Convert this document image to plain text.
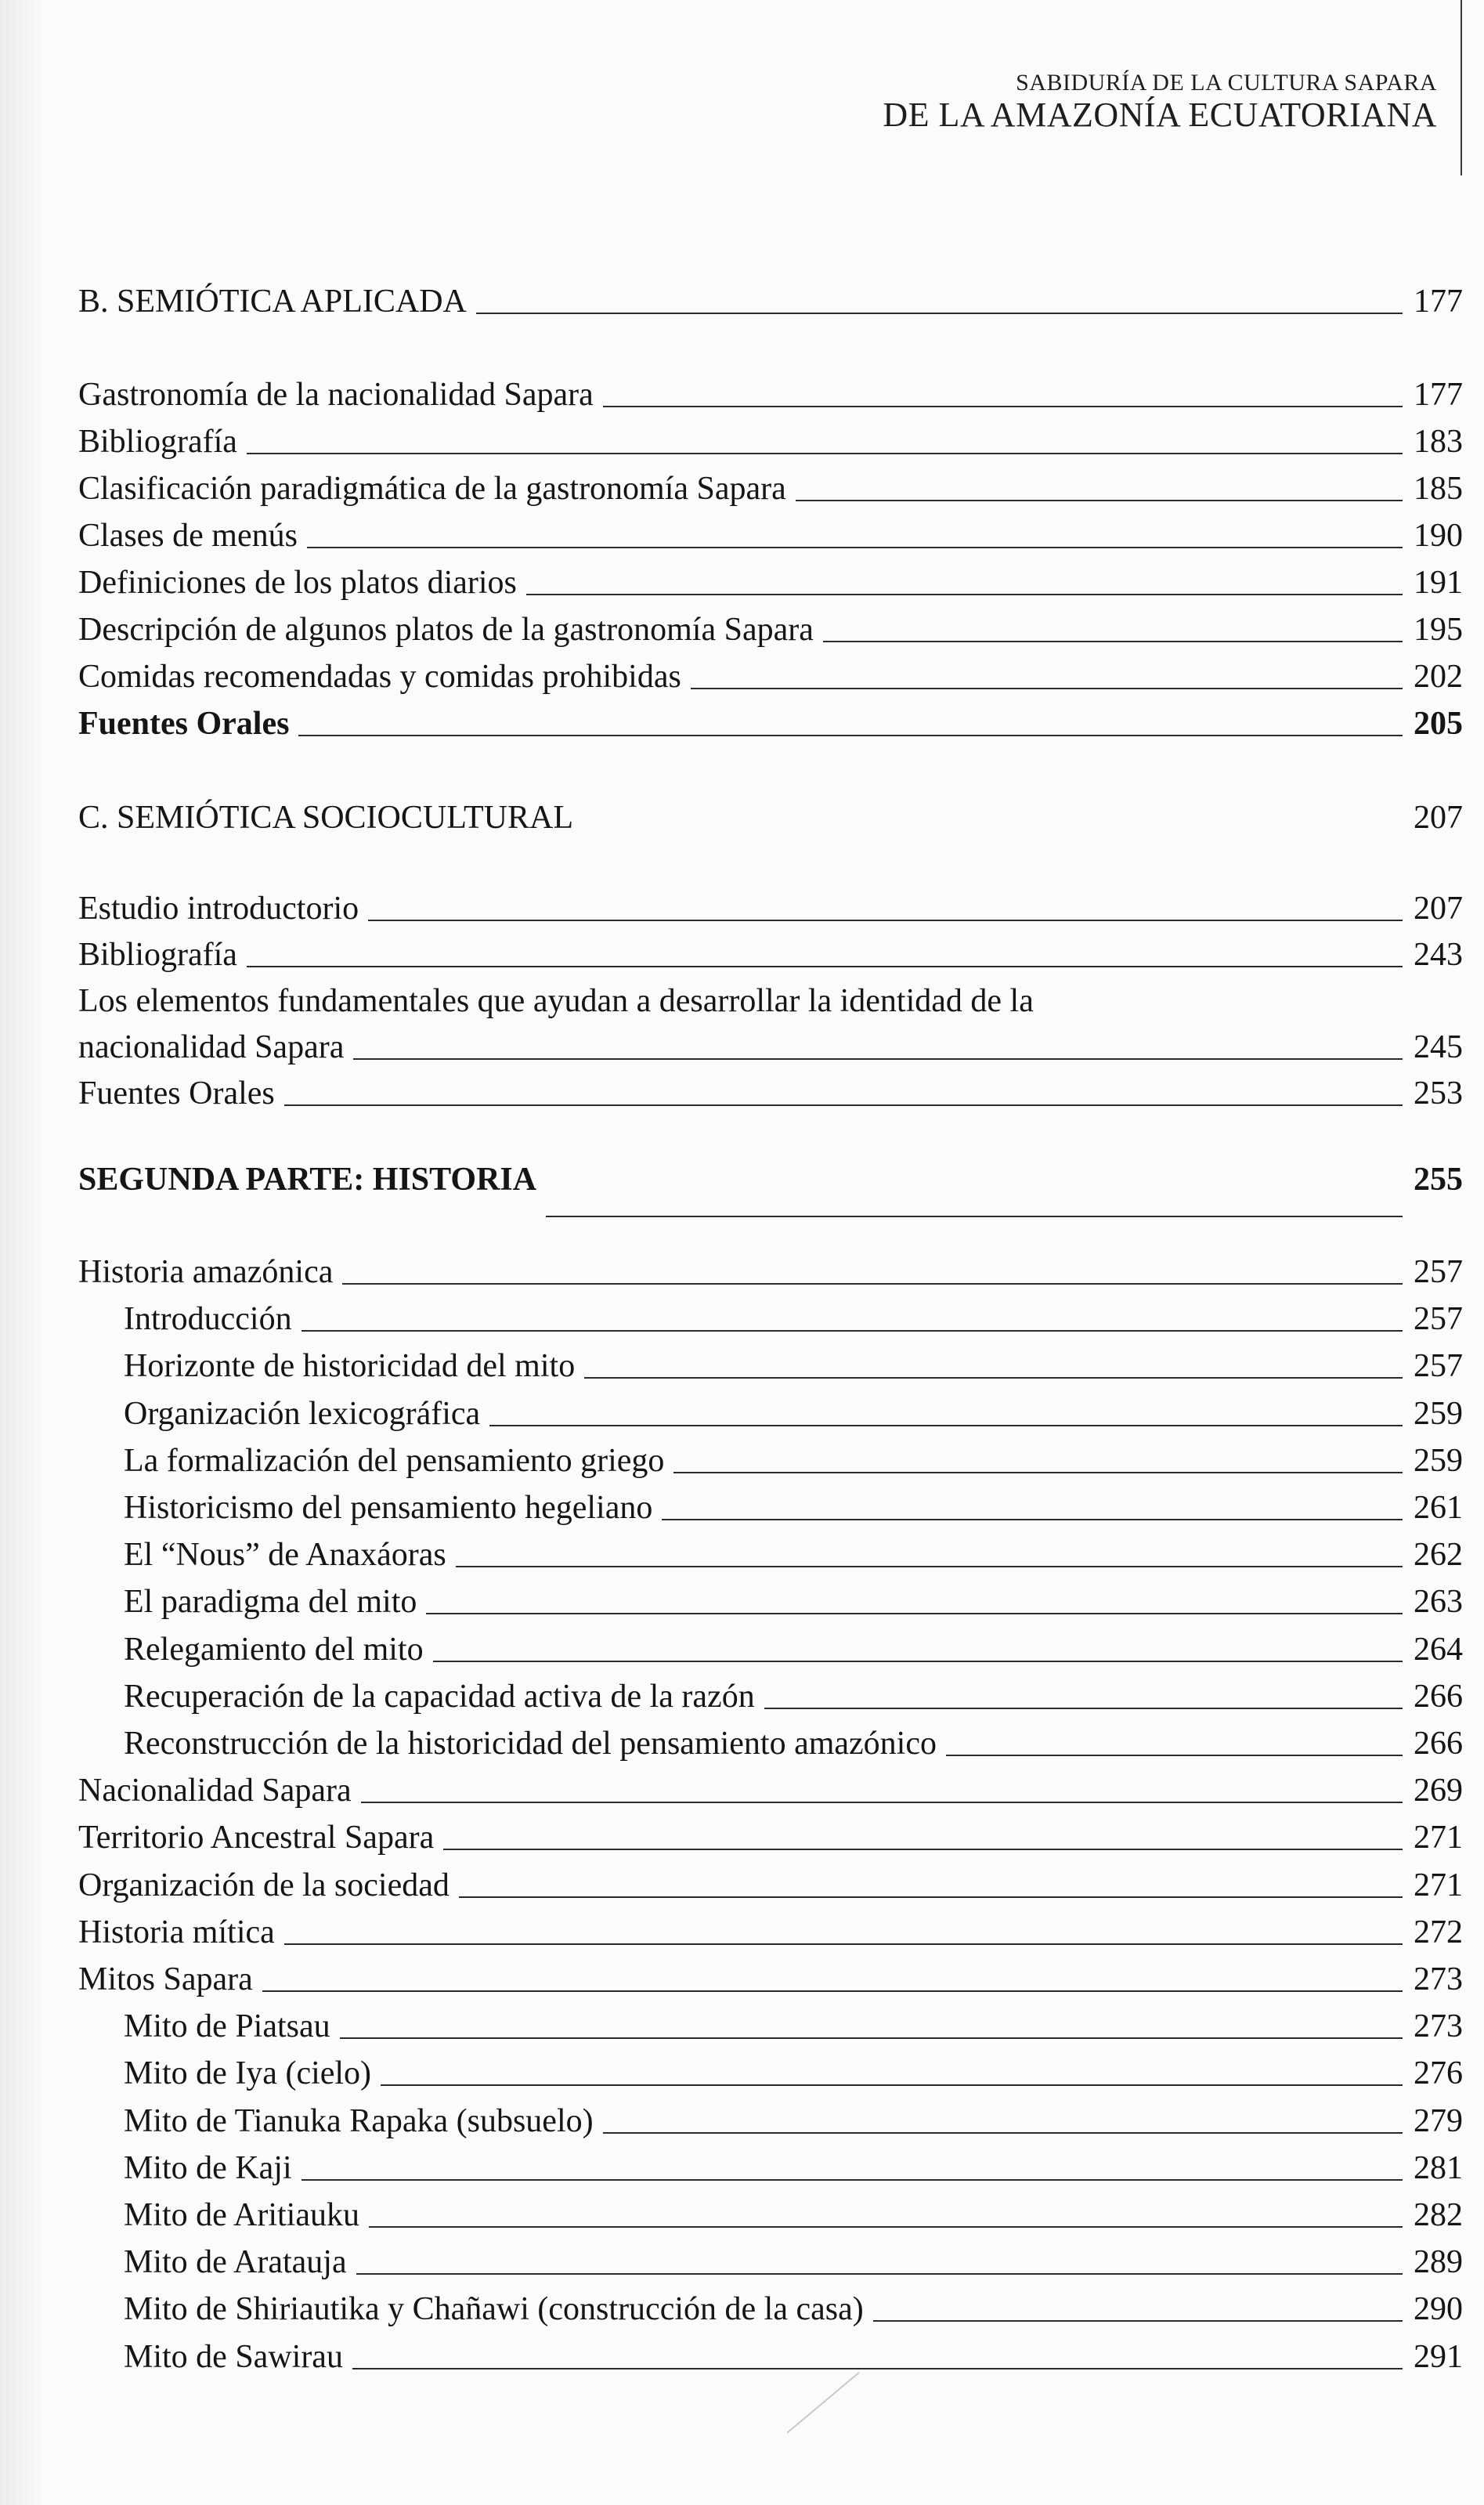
SABIDURÍA DE LA CULTURA SAPARA
DE LA AMAZONÍA ECUATORIANA
B. SEMIÓTICA APLICADA	177
Gastronomía de la nacionalidad Sapara	177
Bibliografía	183
Clasificación paradigmática de la gastronomía Sapara	185
Clases de menús	190
Definiciones de los platos diarios	191
Descripción de algunos platos de la gastronomía Sapara	195
Comidas recomendadas y comidas prohibidas	202
Fuentes Orales	205
C. SEMIÓTICA SOCIOCULTURAL	207
Estudio introductorio	207
Bibliografía	243
Los elementos fundamentales que ayudan a desarrollar la identidad de la
nacionalidad Sapara	245
Fuentes Orales	253
SEGUNDA PARTE: HISTORIA	255
Historia amazónica	257
Introducción	257
Horizonte de historicidad del mito	257
Organización lexicográfica	259
La formalización del pensamiento griego	259
Historicismo del pensamiento hegeliano	261
El “Nous” de Anaxáoras	262
El paradigma del mito	263
Relegamiento del mito	264
Recuperación de la capacidad activa de la razón	266
Reconstrucción de la historicidad del pensamiento amazónico	266
Nacionalidad Sapara	269
Territorio Ancestral Sapara	271
Organización de la sociedad	271
Historia mítica	272
Mitos Sapara	273
Mito de Piatsau	273
Mito de Iya (cielo)	276
Mito de Tianuka Rapaka (subsuelo)	279
Mito de Kaji	281
Mito de Aritiauku	282
Mito de Aratauja	289
Mito de Shiriautika y Chañawi (construcción de la casa)	290
Mito de Sawirau	291
